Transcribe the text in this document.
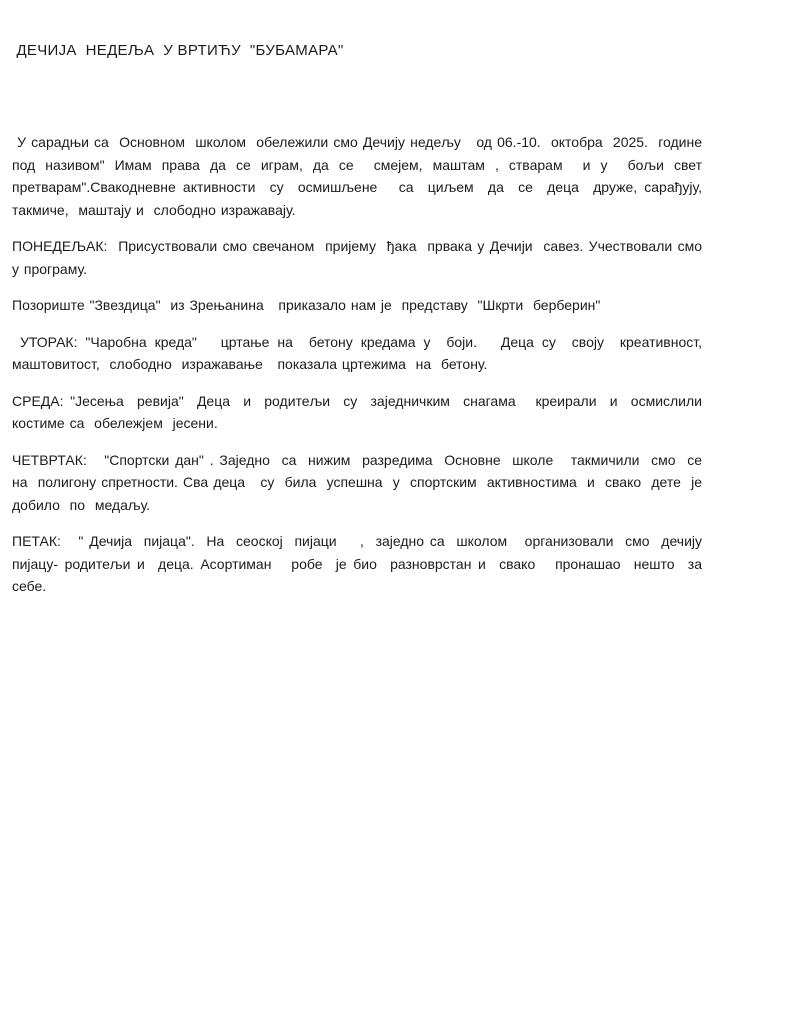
ДЕЧИЈА  НЕДЕЉА  У ВРТИЋУ  "БУБАМАРА"

У сарадњи са  Основном  школом  обележили смо Дечију недељу   од 06.-10.  октобра  2025.  године под називом" Имам права да се играм, да се  смејем, маштам , стварам  и у  бољи свет  претварам".Свакодневне активности  су  осмишљене   са  циљем  да  се  деца  друже, сарађују,  такмиче,  маштају и  слободно изражавају.

ПОНЕДЕЉАК:  Присуствовали смо свечаном  пријему  ђака  првака у Дечији  савез. Учествовали смо  у програму.

Позориште "Звездица"  из Зрењанина   приказало нам је  представу  "Шкрти  берберин"

УТОРАК: "Чаробна креда"   цртање на  бетону кредама у  боји.   Деца су  своју  креативност,   маштовитост,  слободно  изражавање   показала цртежима  на  бетону.

СРЕДА: "Јесења  ревија"  Деца  и  родитељи  су  заједничким  снагама   креирали  и  осмислили  костиме са  обележјем  јесени.

ЧЕТВРТАК:   "Спортски дан" . Заједно  са  нижим  разредима  Основне  школе   такмичили  смо  се  на  полигону спретности. Сва деца   су  била  успешна  у  спортским  активностима  и  свако  дете  је   добило  по  медаљу.

ПЕТАК:   " Дечија  пијаца".  На  сеоској  пијаци    ,  заједно са  школом   организовали  смо  дечију    пијацу- родитељи и  деца. Асортиман   робе  је био  разноврстан и  свако   пронашао  нешто  за  себе.
